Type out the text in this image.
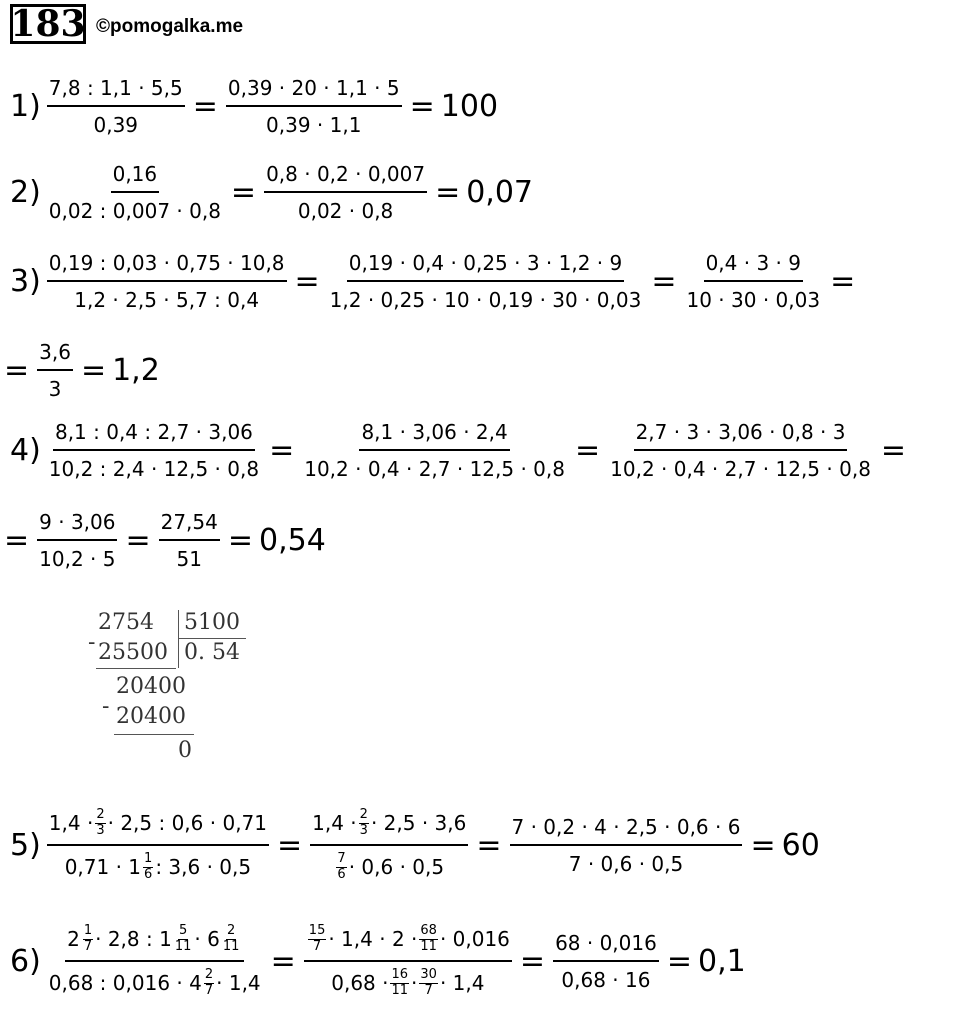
183 ©pomogalka.me
$1) \frac{7,8 : 1,1 \cdot 5,5}{0,39} = \frac{0,39 \cdot 20 \cdot 1,1 \cdot 5}{0,39 \cdot 1,1} = 100$
$2) \frac{0,16}{0,02 : 0,007 \cdot 0,8} = \frac{0,8 \cdot 0,2 \cdot 0,007}{0,02 \cdot 0,8} = 0,07$
$3) \frac{0,19 : 0,03 \cdot 0,75 \cdot 10,8}{1,2 \cdot 2,5 \cdot 5,7 : 0,4} = \frac{0,19 \cdot 0,4 \cdot 0,25 \cdot 3 \cdot 1,2 \cdot 9}{1,2 \cdot 0,25 \cdot 10 \cdot 0,19 \cdot 30 \cdot 0,03} = \frac{0,4 \cdot 3 \cdot 9}{10 \cdot 30 \cdot 0,03}$ =
= $\frac{3,6}{3} = 1,2$
$4) \frac{8,1 : 0,4 : 2,7 \cdot 3,06}{10,2 : 2,4 \cdot 12,5 \cdot 0,8} = \frac{8,1 \cdot 3,06 \cdot 2,4}{10,2 \cdot 0,4 \cdot 2,7 \cdot 12,5 \cdot 0,8} = \frac{2,7 \cdot 3 \cdot 3,06 \cdot 0,8 \cdot 3}{10,2 \cdot 0,4 \cdot 2,7 \cdot 12,5 \cdot 0,8}$ =
= $\frac{9 \cdot 3,06}{10,2 \cdot 5} = \frac{27,54}{51} = 0,54$
2754
- 25500
5100
0. 54
20400
- 20400
0
5) 1,4 · 2
3 · 2,5 : 0,6 · 0,71
0,71 · 1 1
6 : 3,6 · 0,5 = 1,4 · 2
3 · 2,5 · 3,6
7
$6 \cdot 0,6 \cdot 0,5 = \frac{7 \cdot 0,2 \cdot 4 \cdot 2,5 \cdot 0,6 \cdot 6}{7 \cdot 0,6 \cdot 0,5} = 60$
6) 2 1
7 · 2,8 : 1 5
11 · 6 2
11
0,68 : 0,016 · 4 2
7 · 1,4 = 15
7 · 1,4 · 2 · 68
11 · 0,016
0,68 · 16
11 · 30
$7 \cdot 1,4 = \frac{68 \cdot 0,016}{0,68 \cdot 16} = 0,1$
